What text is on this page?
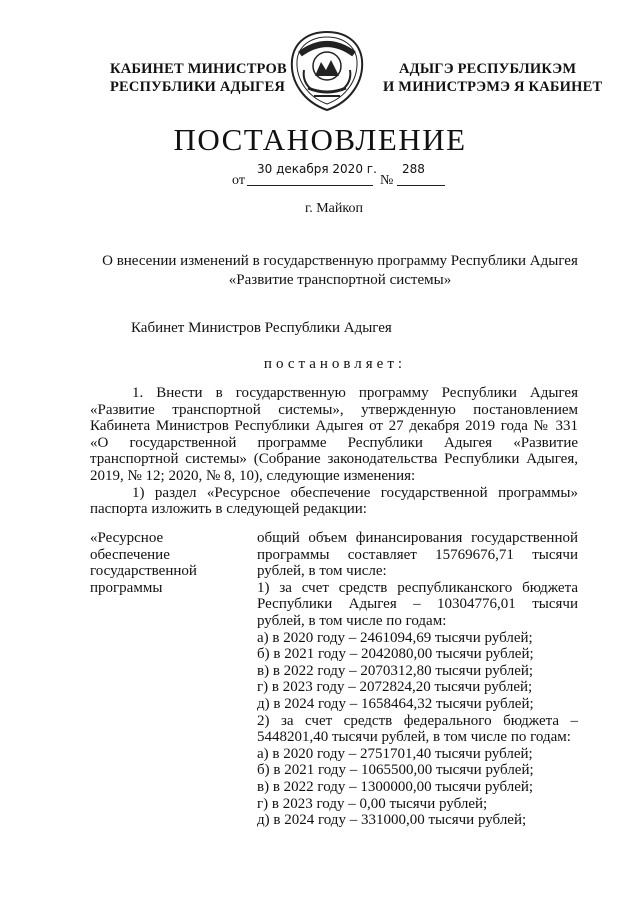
КАБИНЕТ МИНИСТРОВ
РЕСПУБЛИКИ АДЫГЕЯ
АДЫГЭ РЕСПУБЛИКЭМ
И МИНИСТРЭМЭ Я КАБИНЕТ
ПОСТАНОВЛЕНИЕ
от
30 декабря 2020 г.
№
288
г. Майкоп
О внесении изменений в государственную программу Республики Адыгея
«Развитие транспортной системы»
Кабинет Министров Республики Адыгея
постановляет:

1. Внести в государственную программу Республики Адыгея «Развитие транспортной системы», утвержденную постановлением Кабинета Министров Республики Адыгея от 27 декабря 2019 года № 331 «О государственной программе Республики Адыгея «Развитие транспортной системы» (Собрание законодательства Республики Адыгея, 2019, № 12; 2020, № 8, 10), следующие изменения:

1) раздел «Ресурсное обеспечение государственной программы» паспорта изложить в следующей редакции:

«Ресурсное обеспечение государственной программы
общий объем финансирования государственной программы составляет 15769676,71 тысячи рублей, в том числе:
1) за счет средств республиканского бюджета Республики Адыгея – 10304776,01 тысячи рублей, в том числе по годам:
а) в 2020 году – 2461094,69 тысячи рублей;
б) в 2021 году – 2042080,00 тысячи рублей;
в) в 2022 году – 2070312,80 тысячи рублей;
г) в 2023 году – 2072824,20 тысячи рублей;
д) в 2024 году – 1658464,32 тысячи рублей;
2) за счет средств федерального бюджета – 5448201,40 тысячи рублей, в том числе по годам:
а) в 2020 году – 2751701,40 тысячи рублей;
б) в 2021 году – 1065500,00 тысячи рублей;
в) в 2022 году – 1300000,00 тысячи рублей;
г) в 2023 году – 0,00 тысячи рублей;
д) в 2024 году – 331000,00 тысячи рублей;
